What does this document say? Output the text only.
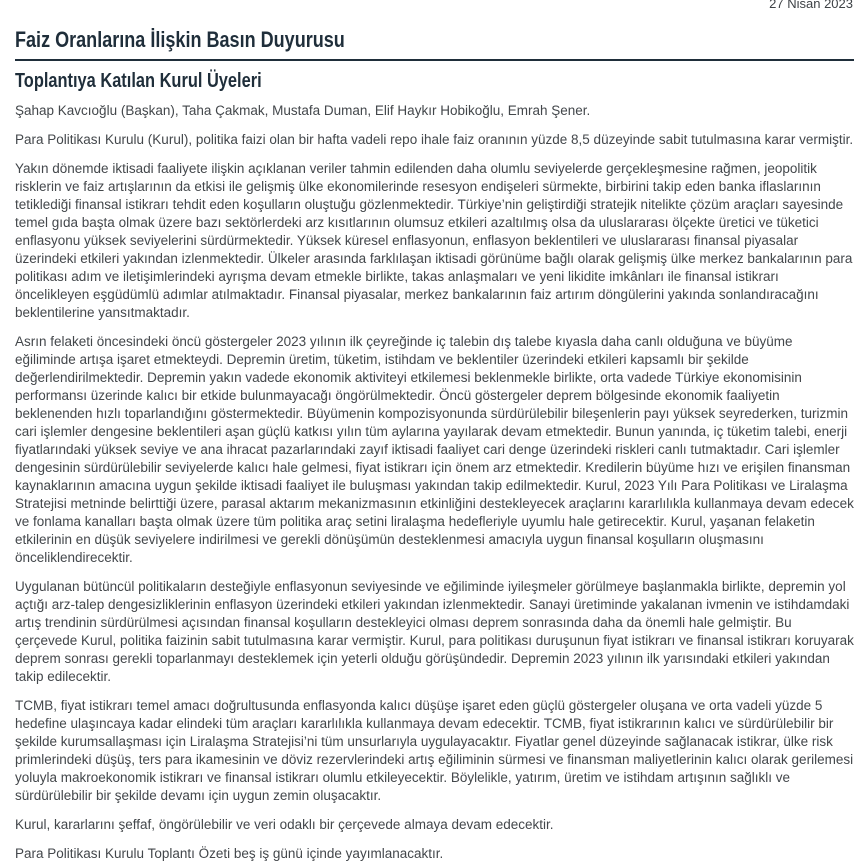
27 Nisan 2023
Faiz Oranlarına İlişkin Basın Duyurusu
Toplantıya Katılan Kurul Üyeleri

Şahap Kavcıoğlu (Başkan), Taha Çakmak, Mustafa Duman, Elif Haykır Hobikoğlu, Emrah Şener.

Para Politikası Kurulu (Kurul), politika faizi olan bir hafta vadeli repo ihale faiz oranının yüzde 8,5 düzeyinde sabit tutulmasına karar vermiştir.

Yakın dönemde iktisadi faaliyete ilişkin açıklanan veriler tahmin edilenden daha olumlu seviyelerde gerçekleşmesine rağmen, jeopolitik risklerin ve faiz artışlarının da etkisi ile gelişmiş ülke ekonomilerinde resesyon endişeleri sürmekte, birbirini takip eden banka iflaslarının tetiklediği finansal istikrarı tehdit eden koşulların oluştuğu gözlenmektedir. Türkiye’nin geliştirdiği stratejik nitelikte çözüm araçları sayesinde temel gıda başta olmak üzere bazı sektörlerdeki arz kısıtlarının olumsuz etkileri azaltılmış olsa da uluslararası ölçekte üretici ve tüketici enflasyonu yüksek seviyelerini sürdürmektedir. Yüksek küresel enflasyonun, enflasyon beklentileri ve uluslararası finansal piyasalar üzerindeki etkileri yakından izlenmektedir. Ülkeler arasında farklılaşan iktisadi görünüme bağlı olarak gelişmiş ülke merkez bankalarının para politikası adım ve iletişimlerindeki ayrışma devam etmekle birlikte, takas anlaşmaları ve yeni likidite imkânları ile finansal istikrarı öncelikleyen eşgüdümlü adımlar atılmaktadır. Finansal piyasalar, merkez bankalarının faiz artırım döngülerini yakında sonlandıracağını beklentilerine yansıtmaktadır.

Asrın felaketi öncesindeki öncü göstergeler 2023 yılının ilk çeyreğinde iç talebin dış talebe kıyasla daha canlı olduğuna ve büyüme eğiliminde artışa işaret etmekteydi. Depremin üretim, tüketim, istihdam ve beklentiler üzerindeki etkileri kapsamlı bir şekilde değerlendirilmektedir. Depremin yakın vadede ekonomik aktiviteyi etkilemesi beklenmekle birlikte, orta vadede Türkiye ekonomisinin performansı üzerinde kalıcı bir etkide bulunmayacağı öngörülmektedir. Öncü göstergeler deprem bölgesinde ekonomik faaliyetin beklenenden hızlı toparlandığını göstermektedir. Büyümenin kompozisyonunda sürdürülebilir bileşenlerin payı yüksek seyrederken, turizmin cari işlemler dengesine beklentileri aşan güçlü katkısı yılın tüm aylarına yayılarak devam etmektedir. Bunun yanında, iç tüketim talebi, enerji fiyatlarındaki yüksek seviye ve ana ihracat pazarlarındaki zayıf iktisadi faaliyet cari denge üzerindeki riskleri canlı tutmaktadır. Cari işlemler dengesinin sürdürülebilir seviyelerde kalıcı hale gelmesi, fiyat istikrarı için önem arz etmektedir. Kredilerin büyüme hızı ve erişilen finansman kaynaklarının amacına uygun şekilde iktisadi faaliyet ile buluşması yakından takip edilmektedir. Kurul, 2023 Yılı Para Politikası ve Liralaşma Stratejisi metninde belirttiği üzere, parasal aktarım mekanizmasının etkinliğini destekleyecek araçlarını kararlılıkla kullanmaya devam edecek ve fonlama kanalları başta olmak üzere tüm politika araç setini liralaşma hedefleriyle uyumlu hale getirecektir. Kurul, yaşanan felaketin etkilerinin en düşük seviyelere indirilmesi ve gerekli dönüşümün desteklenmesi amacıyla uygun finansal koşulların oluşmasını önceliklendirecektir.

Uygulanan bütüncül politikaların desteğiyle enflasyonun seviyesinde ve eğiliminde iyileşmeler görülmeye başlanmakla birlikte, depremin yol açtığı arz-talep dengesizliklerinin enflasyon üzerindeki etkileri yakından izlenmektedir. Sanayi üretiminde yakalanan ivmenin ve istihdamdaki artış trendinin sürdürülmesi açısından finansal koşulların destekleyici olması deprem sonrasında daha da önemli hale gelmiştir. Bu çerçevede Kurul, politika faizinin sabit tutulmasına karar vermiştir. Kurul, para politikası duruşunun fiyat istikrarı ve finansal istikrarı koruyarak deprem sonrası gerekli toparlanmayı desteklemek için yeterli olduğu görüşündedir. Depremin 2023 yılının ilk yarısındaki etkileri yakından takip edilecektir.

TCMB, fiyat istikrarı temel amacı doğrultusunda enflasyonda kalıcı düşüşe işaret eden güçlü göstergeler oluşana ve orta vadeli yüzde 5 hedefine ulaşıncaya kadar elindeki tüm araçları kararlılıkla kullanmaya devam edecektir. TCMB, fiyat istikrarının kalıcı ve sürdürülebilir bir şekilde kurumsallaşması için Liralaşma Stratejisi’ni tüm unsurlarıyla uygulayacaktır. Fiyatlar genel düzeyinde sağlanacak istikrar, ülke risk primlerindeki düşüş, ters para ikamesinin ve döviz rezervlerindeki artış eğiliminin sürmesi ve finansman maliyetlerinin kalıcı olarak gerilemesi yoluyla makroekonomik istikrarı ve finansal istikrarı olumlu etkileyecektir. Böylelikle, yatırım, üretim ve istihdam artışının sağlıklı ve sürdürülebilir bir şekilde devamı için uygun zemin oluşacaktır.

Kurul, kararlarını şeffaf, öngörülebilir ve veri odaklı bir çerçevede almaya devam edecektir.

Para Politikası Kurulu Toplantı Özeti beş iş günü içinde yayımlanacaktır.
